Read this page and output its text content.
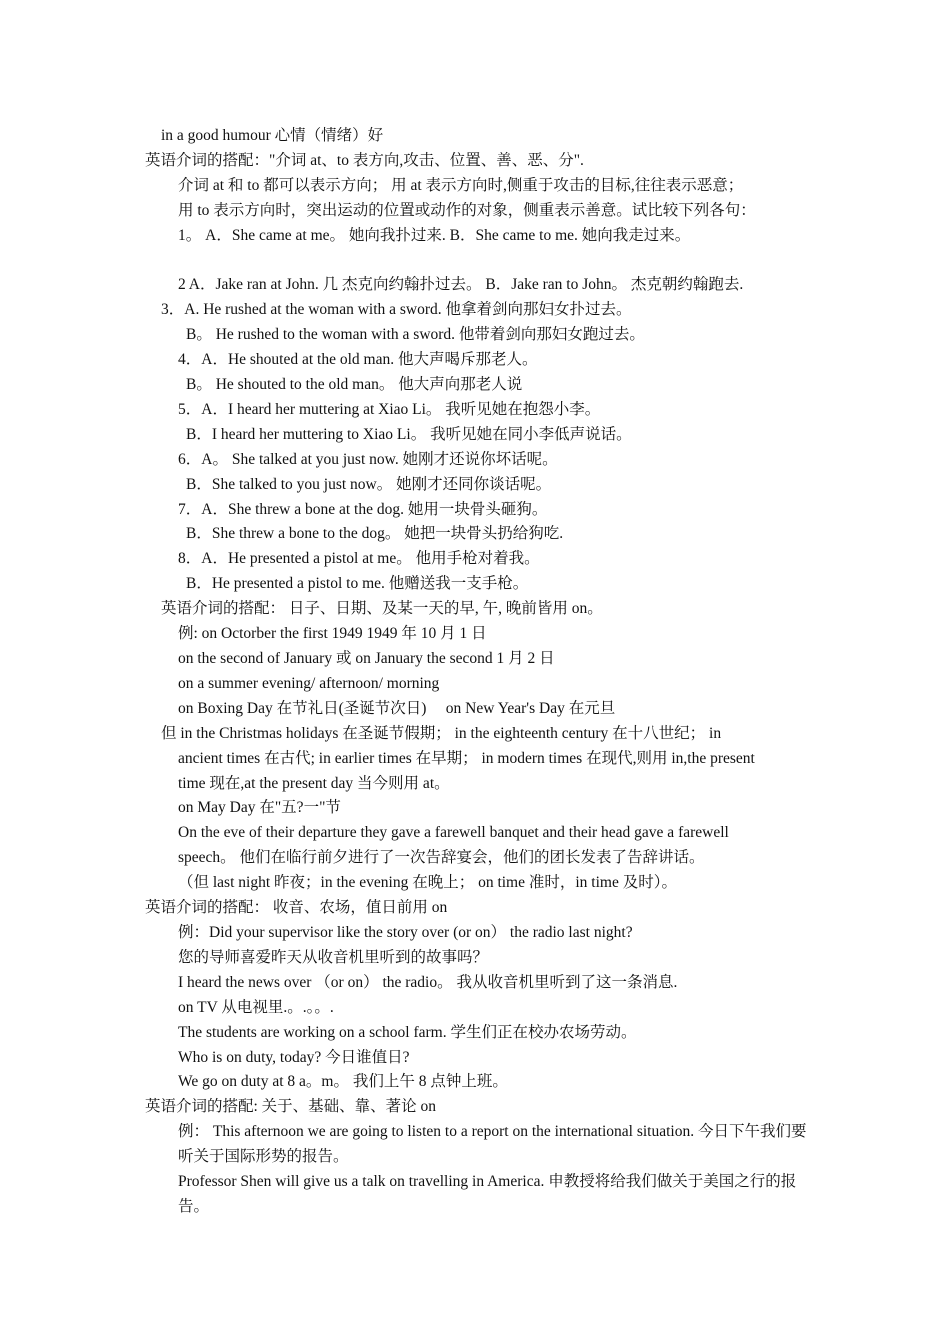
in a good humour 心情（情绪）好
英语介词的搭配："介词 at、to 表方向,攻击、位置、善、恶、分".
介词 at 和 to 都可以表示方向； 用 at 表示方向时,侧重于攻击的目标,往往表示恶意；
用 to 表示方向时，突出运动的位置或动作的对象，侧重表示善意。试比较下列各句：
1。 A．She came at me。 她向我扑过来. B．She came to me. 她向我走过来。
2 A．Jake ran at John. 几 杰克向约翰扑过去。 B．Jake ran to John。 杰克朝约翰跑去.
3．A. He rushed at the woman with a sword. 他拿着剑向那妇女扑过去。
B。 He rushed to the woman with a sword. 他带着剑向那妇女跑过去。
4．A．He shouted at the old man. 他大声喝斥那老人。
B。 He shouted to the old man。 他大声向那老人说
5．A．I heard her muttering at Xiao Li。 我听见她在抱怨小李。
B．I heard her muttering to Xiao Li。 我听见她在同小李低声说话。
6．A。 She talked at you just now. 她刚才还说你坏话呢。
B．She talked to you just now。 她刚才还同你谈话呢。
7．A．She threw a bone at the dog. 她用一块骨头砸狗。
B．She threw a bone to the dog。 她把一块骨头扔给狗吃.
8．A．He presented a pistol at me。 他用手枪对着我。
B．He presented a pistol to me. 他赠送我一支手枪。
英语介词的搭配： 日子、日期、及某一天的早, 午, 晚前皆用 on。
例: on Octorber the first 1949 1949 年 10 月 1 日
on the second of January 或 on January the second 1 月 2 日
on a summer evening/ afternoon/ morning
on Boxing Day 在节礼日(圣诞节次日)　 on New Year's Day 在元旦
但 in the Christmas holidays 在圣诞节假期； in the eighteenth century 在十八世纪； in
ancient times 在古代; in earlier times 在早期； in modern times 在现代,则用 in,the present
time 现在,at the present day 当今则用 at。
on May Day 在"五?一"节
On the eve of their departure they gave a farewell banquet and their head gave a farewell
speech。 他们在临行前夕进行了一次告辞宴会，他们的团长发表了告辞讲话。
（但 last night 昨夜；in the evening 在晚上； on time 准时，in time 及时）。
英语介词的搭配： 收音、农场，值日前用 on
例：Did your supervisor like the story over (or on） the radio last night?
您的导师喜爱昨天从收音机里听到的故事吗？
I heard the news over （or on） the radio。 我从收音机里听到了这一条消息.
on TV 从电视里.。.。。.
The students are working on a school farm. 学生们正在校办农场劳动。
Who is on duty, today? 今日谁值日?
We go on duty at 8 a。m。 我们上午 8 点钟上班。
英语介词的搭配: 关于、基础、靠、著论 on
例： This afternoon we are going to listen to a report on the international situation. 今日下午我们要听关于国际形势的报告。
Professor Shen will give us a talk on travelling in America. 申教授将给我们做关于美国之行的报告。
